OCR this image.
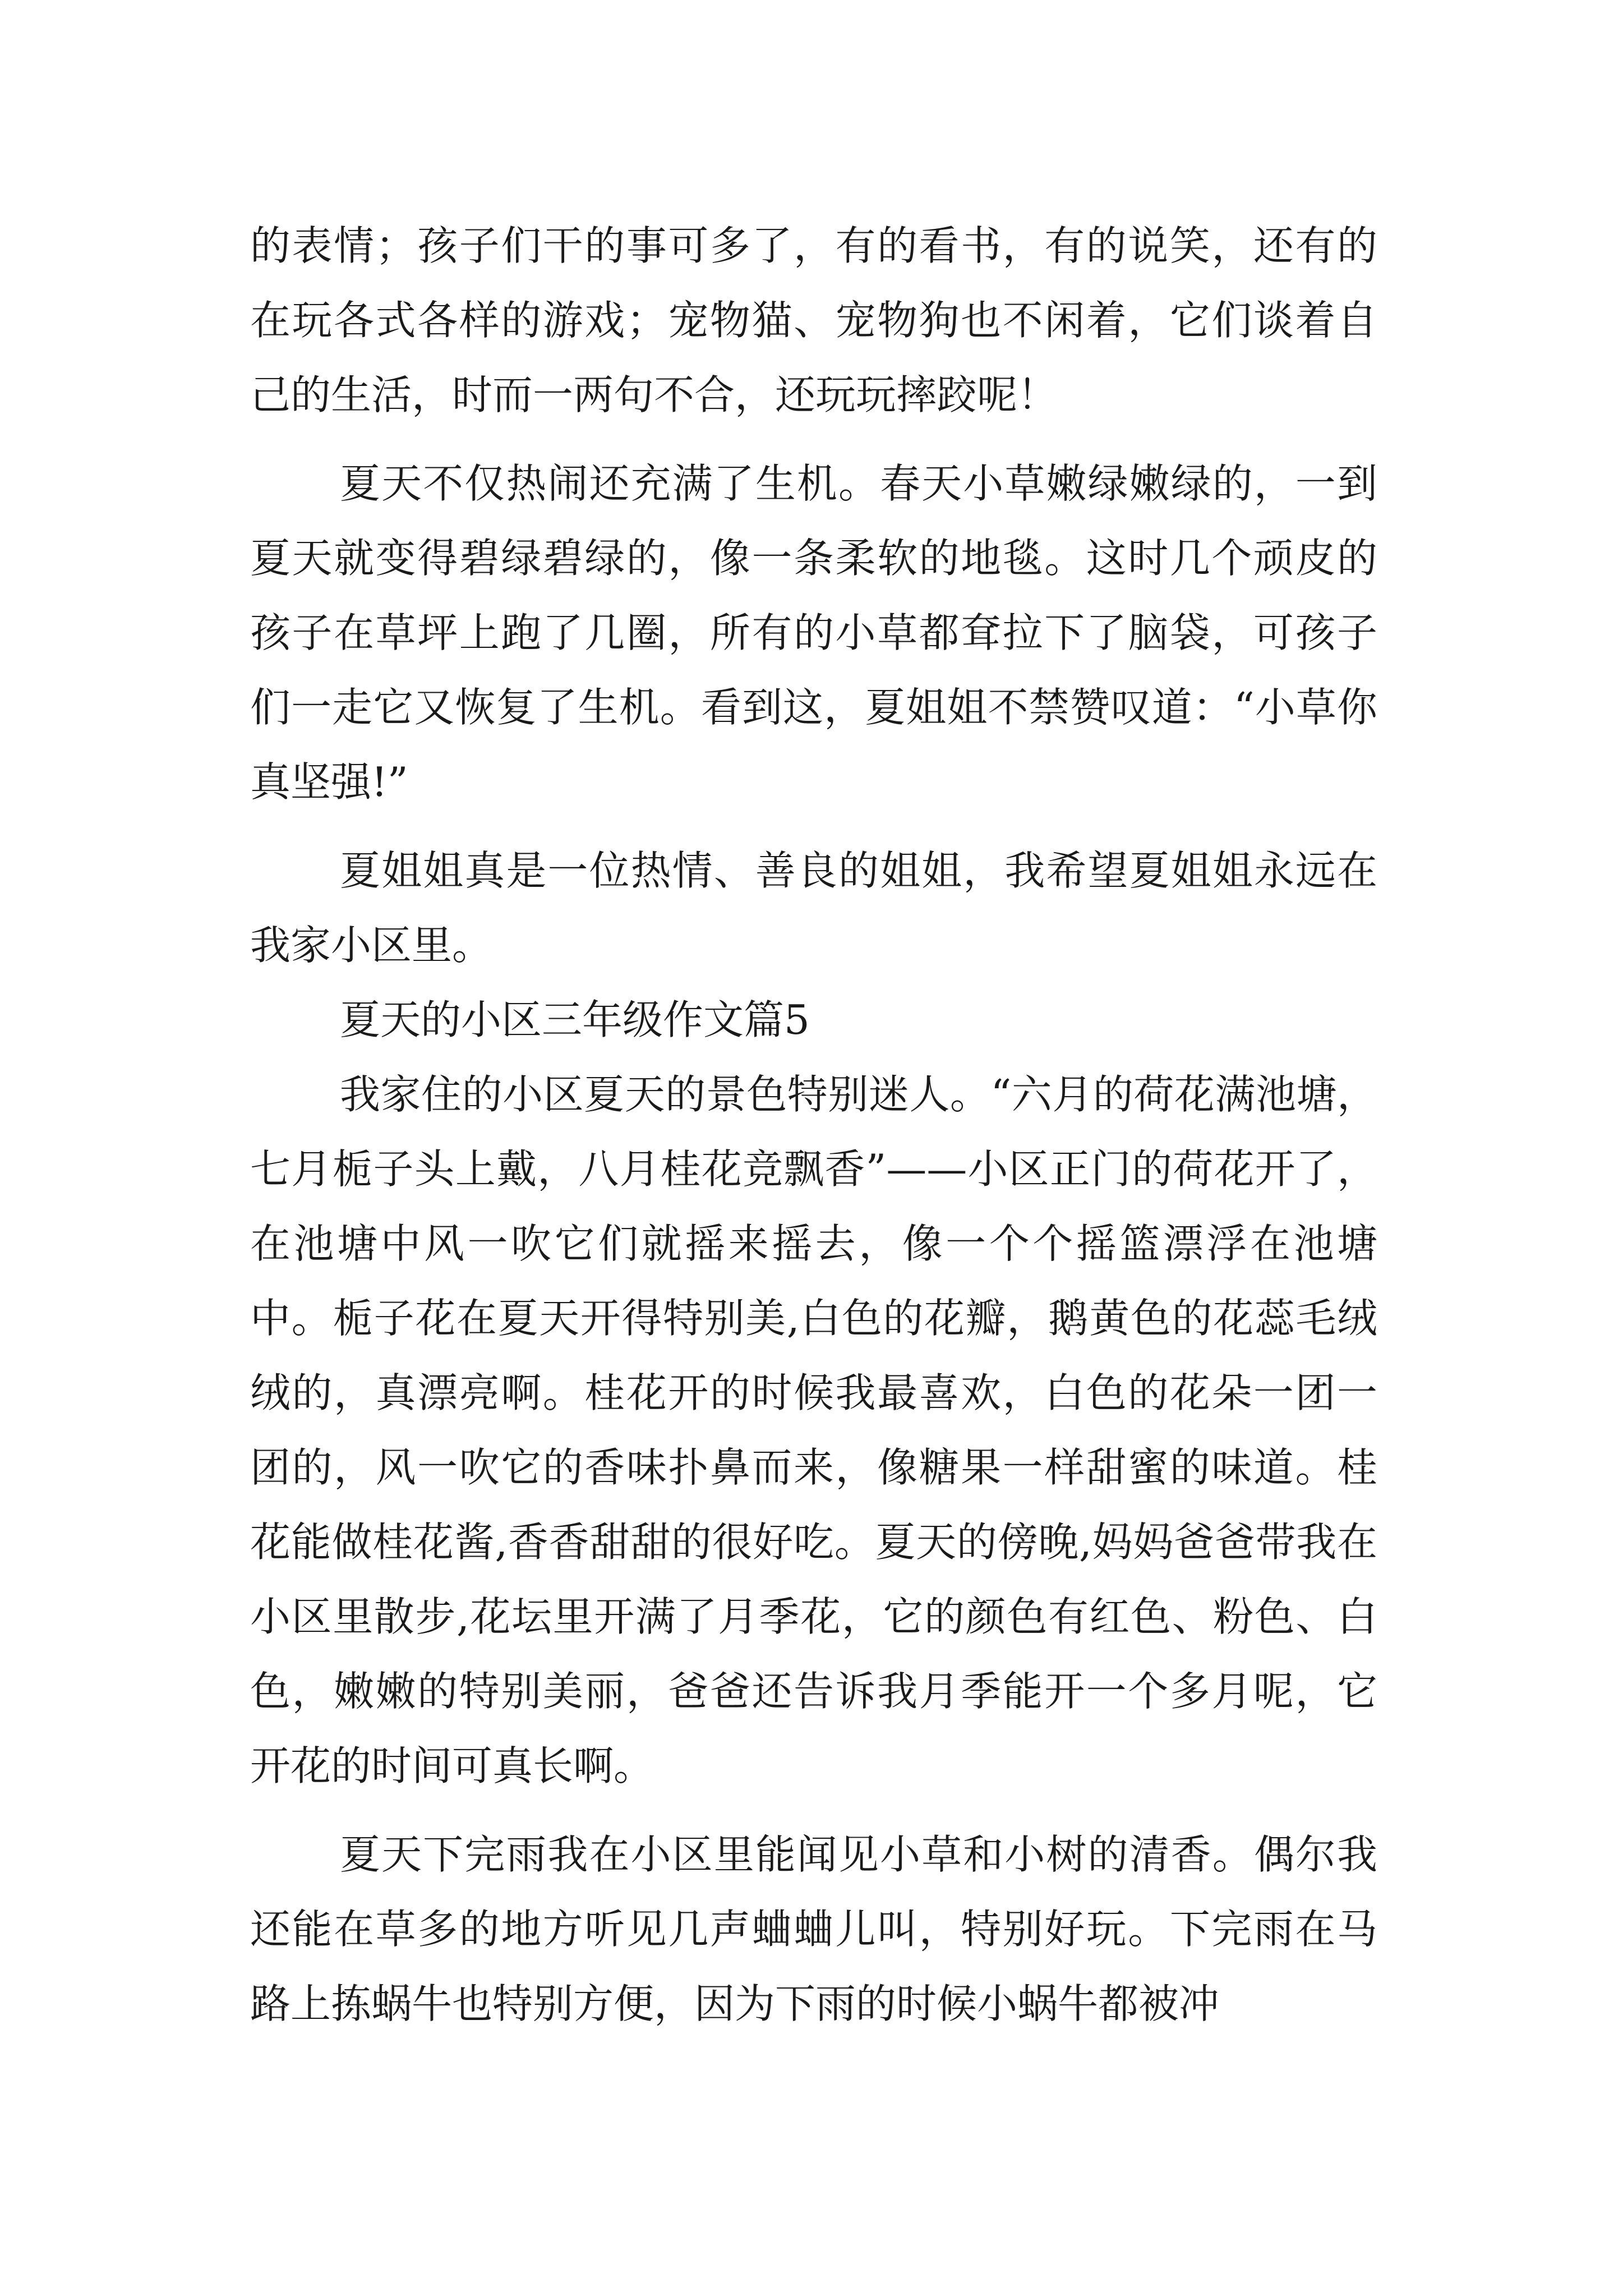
的表情；孩子们干的事可多了，有的看书，有的说笑，还有的在玩各式各样的游戏；宠物猫、宠物狗也不闲着，它们谈着自己的生活，时而一两句不合，还玩玩摔跤呢！

夏天不仅热闹还充满了生机。春天小草嫩绿嫩绿的，一到夏天就变得碧绿碧绿的，像一条柔软的地毯。这时几个顽皮的孩子在草坪上跑了几圈，所有的小草都耷拉下了脑袋，可孩子们一走它又恢复了生机。看到这，夏姐姐不禁赞叹道：“小草你真坚强!”

夏姐姐真是一位热情、善良的姐姐，我希望夏姐姐永远在我家小区里。

夏天的小区三年级作文篇5

我家住的小区夏天的景色特别迷人。“六月的荷花满池塘，七月栀子头上戴，八月桂花竞飘香”——小区正门的荷花开了，在池塘中风一吹它们就摇来摇去，像一个个摇篮漂浮在池塘中。栀子花在夏天开得特别美,白色的花瓣，鹅黄色的花蕊毛绒绒的，真漂亮啊。桂花开的时候我最喜欢，白色的花朵一团一团的，风一吹它的香味扑鼻而来，像糖果一样甜蜜的味道。桂花能做桂花酱,香香甜甜的很好吃。夏天的傍晚,妈妈爸爸带我在小区里散步,花坛里开满了月季花，它的颜色有红色、粉色、白色，嫩嫩的特别美丽，爸爸还告诉我月季能开一个多月呢，它开花的时间可真长啊。

夏天下完雨我在小区里能闻见小草和小树的清香。偶尔我还能在草多的地方听见几声蛐蛐儿叫，特别好玩。下完雨在马路上拣蜗牛也特别方便，因为下雨的时候小蜗牛都被冲
